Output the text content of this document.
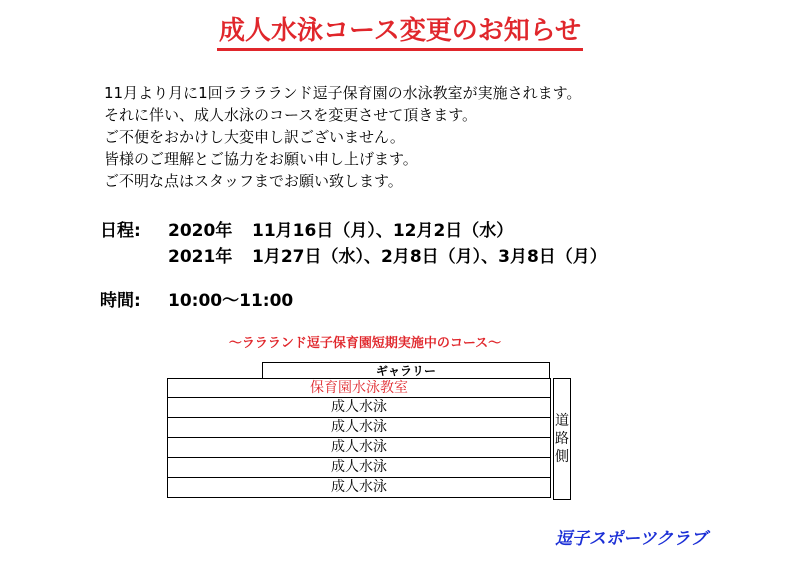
成人水泳コース変更のお知らせ
11月より月に1回ラララランド逗子保育園の水泳教室が実施されます。
それに伴い、成人水泳のコースを変更させて頂きます。
ご不便をおかけし大変申し訳ございません。
皆様のご理解とご協力をお願い申し上げます。
ご不明な点はスタッフまでお願い致します。
日程:	2020年	11月16日（月）、12月2日（水）
2021年	1月27日（水）、2月8日（月）、3月8日（月）
時間:	10:00〜11:00
〜ララランド逗子保育園短期実施中のコース〜
ギャラリー
保育園水泳教室
成人水泳
成人水泳
成人水泳
成人水泳
成人水泳
道
路
側
逗子スポーツクラブ
